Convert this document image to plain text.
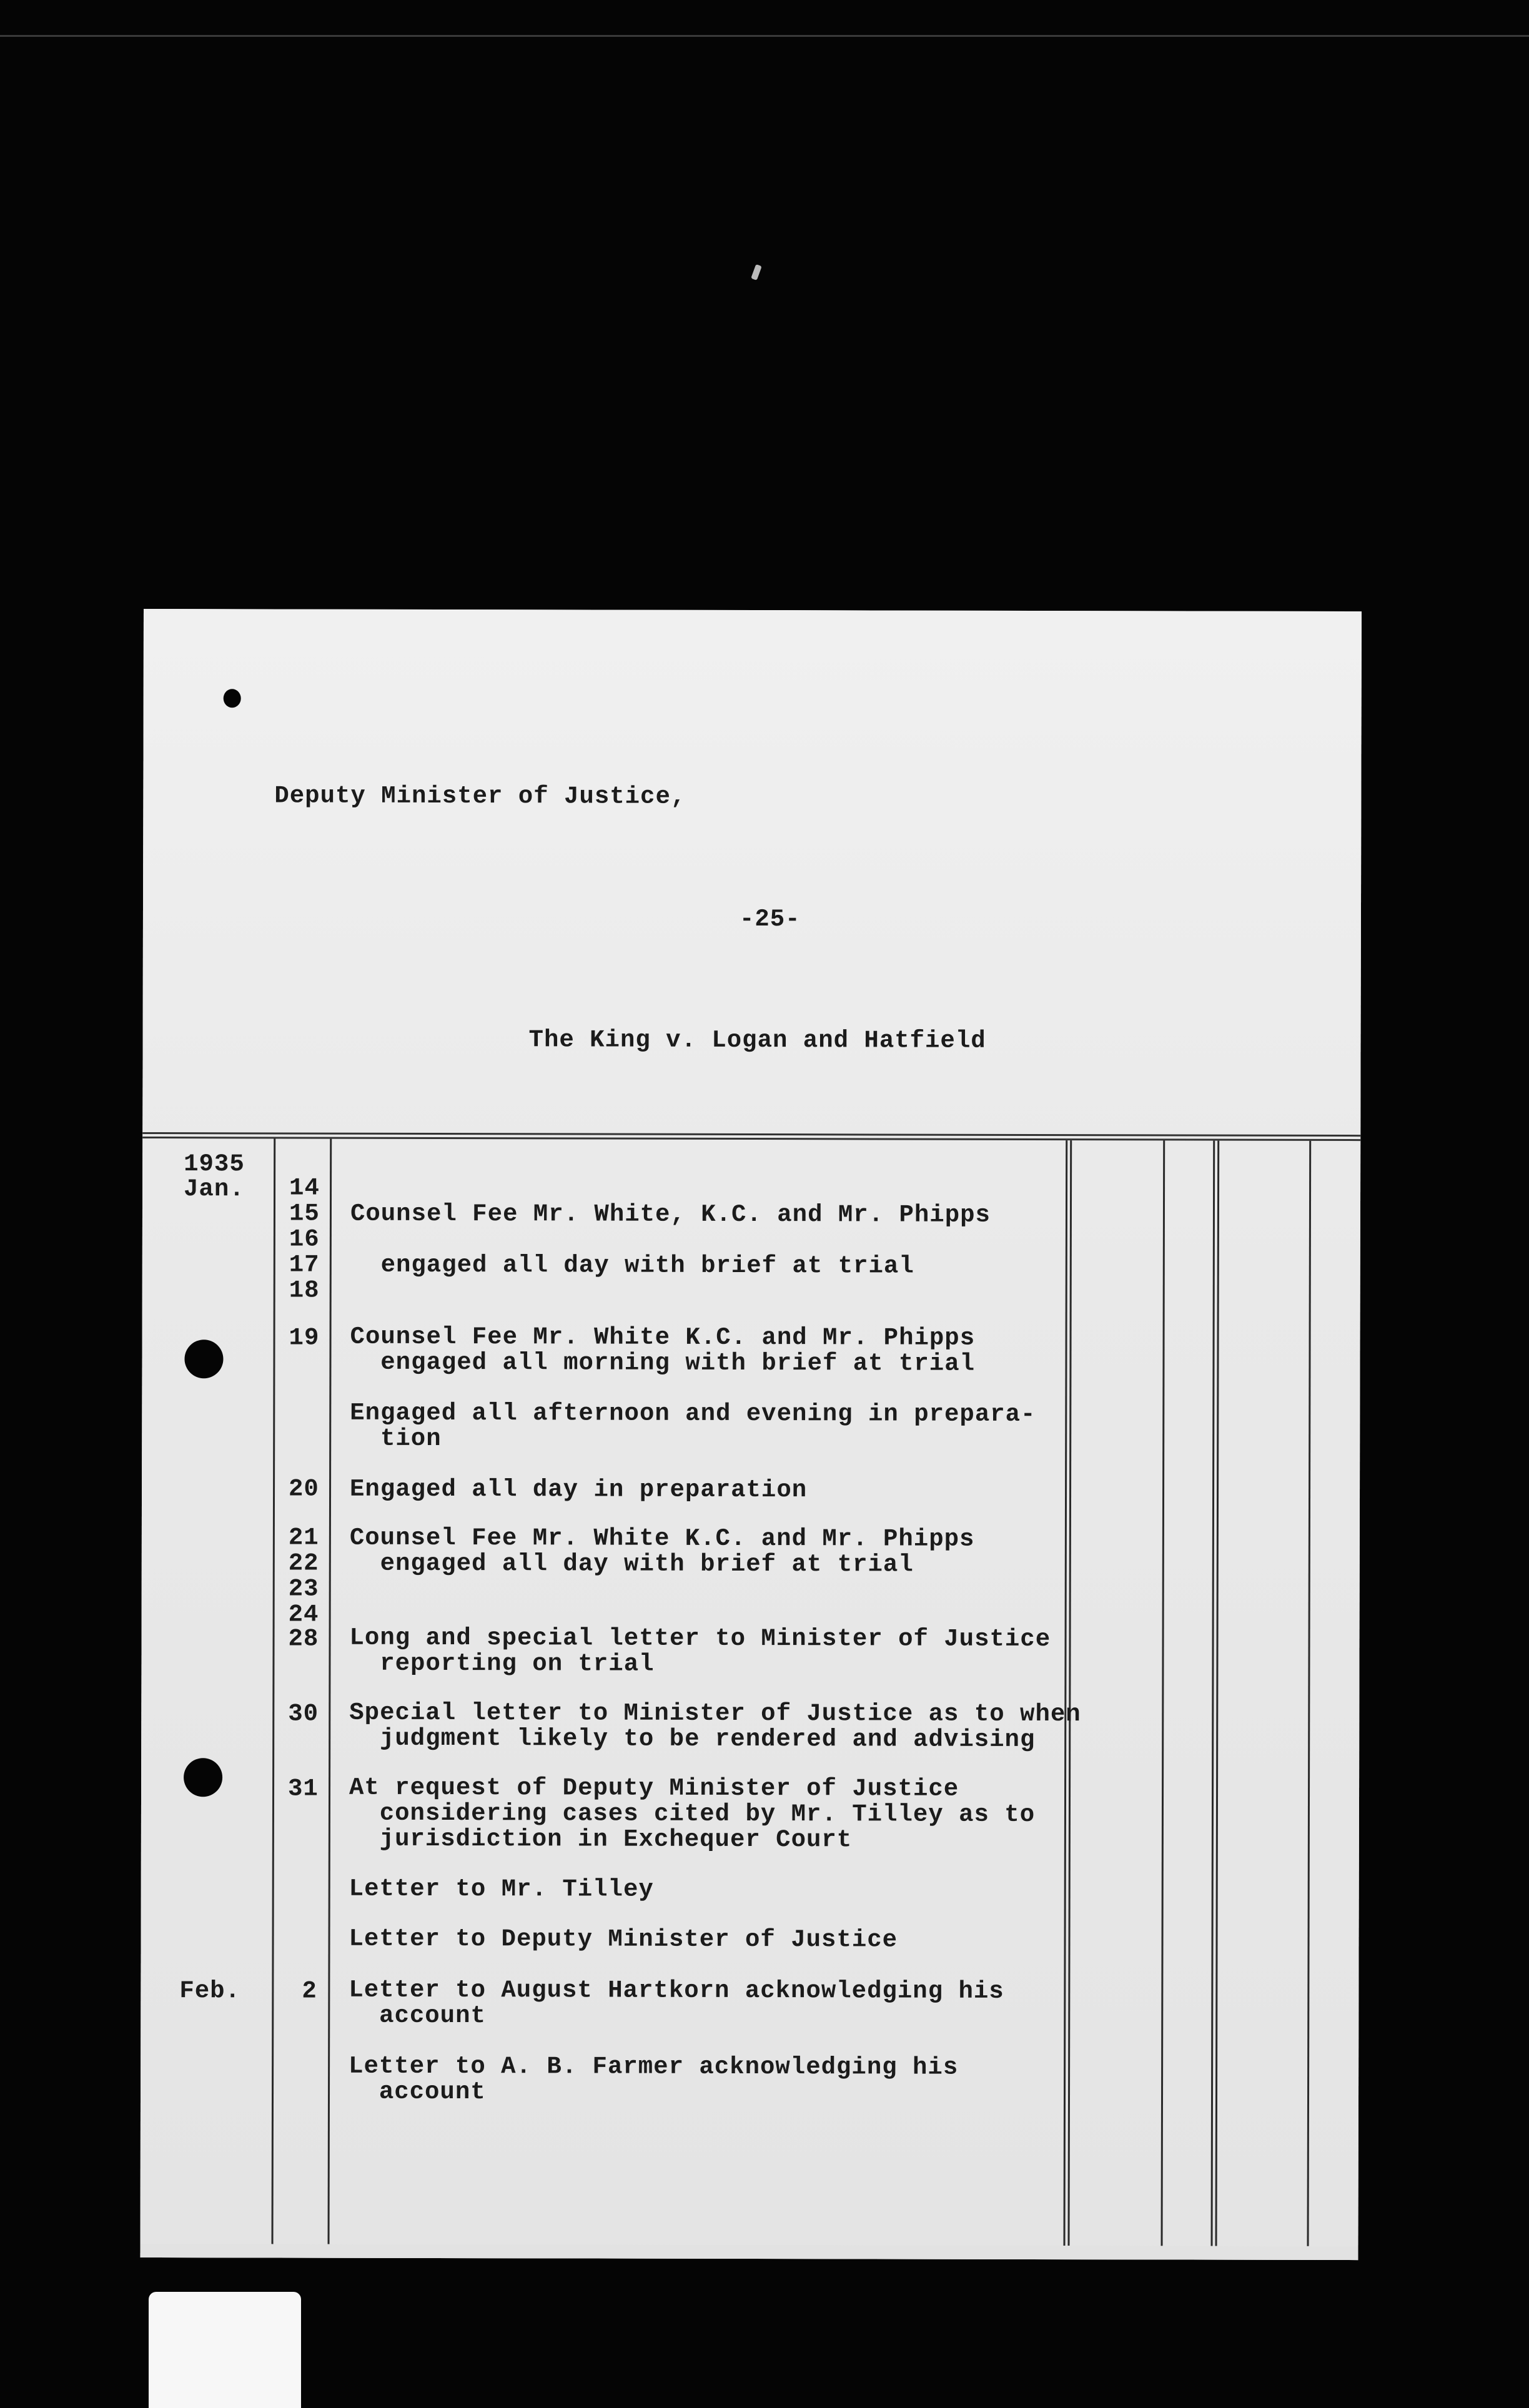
Deputy Minister of Justice,
-25-
The King v. Logan and Hatfield
1935
Jan. 14
15
16
17
18

Counsel Fee Mr. White, K.C. and Mr. Phipps

engaged all day with brief at trial
19 Counsel Fee Mr. White K.C. and Mr. Phipps
engaged all morning with brief at trial
Engaged all afternoon and evening in prepara-
tion
20 Engaged all day in preparation
21
22
23
24
Counsel Fee Mr. White K.C. and Mr. Phipps
engaged all day with brief at trial
28 Long and special letter to Minister of Justice
reporting on trial
30 Special letter to Minister of Justice as to when
judgment likely to be rendered and advising
31 At request of Deputy Minister of Justice
considering cases cited by Mr. Tilley as to
jurisdiction in Exchequer Court
Letter to Mr. Tilley
Letter to Deputy Minister of Justice
Feb.	2 Letter to August Hartkorn acknowledging his
account
Letter to A. B. Farmer acknowledging his
account
